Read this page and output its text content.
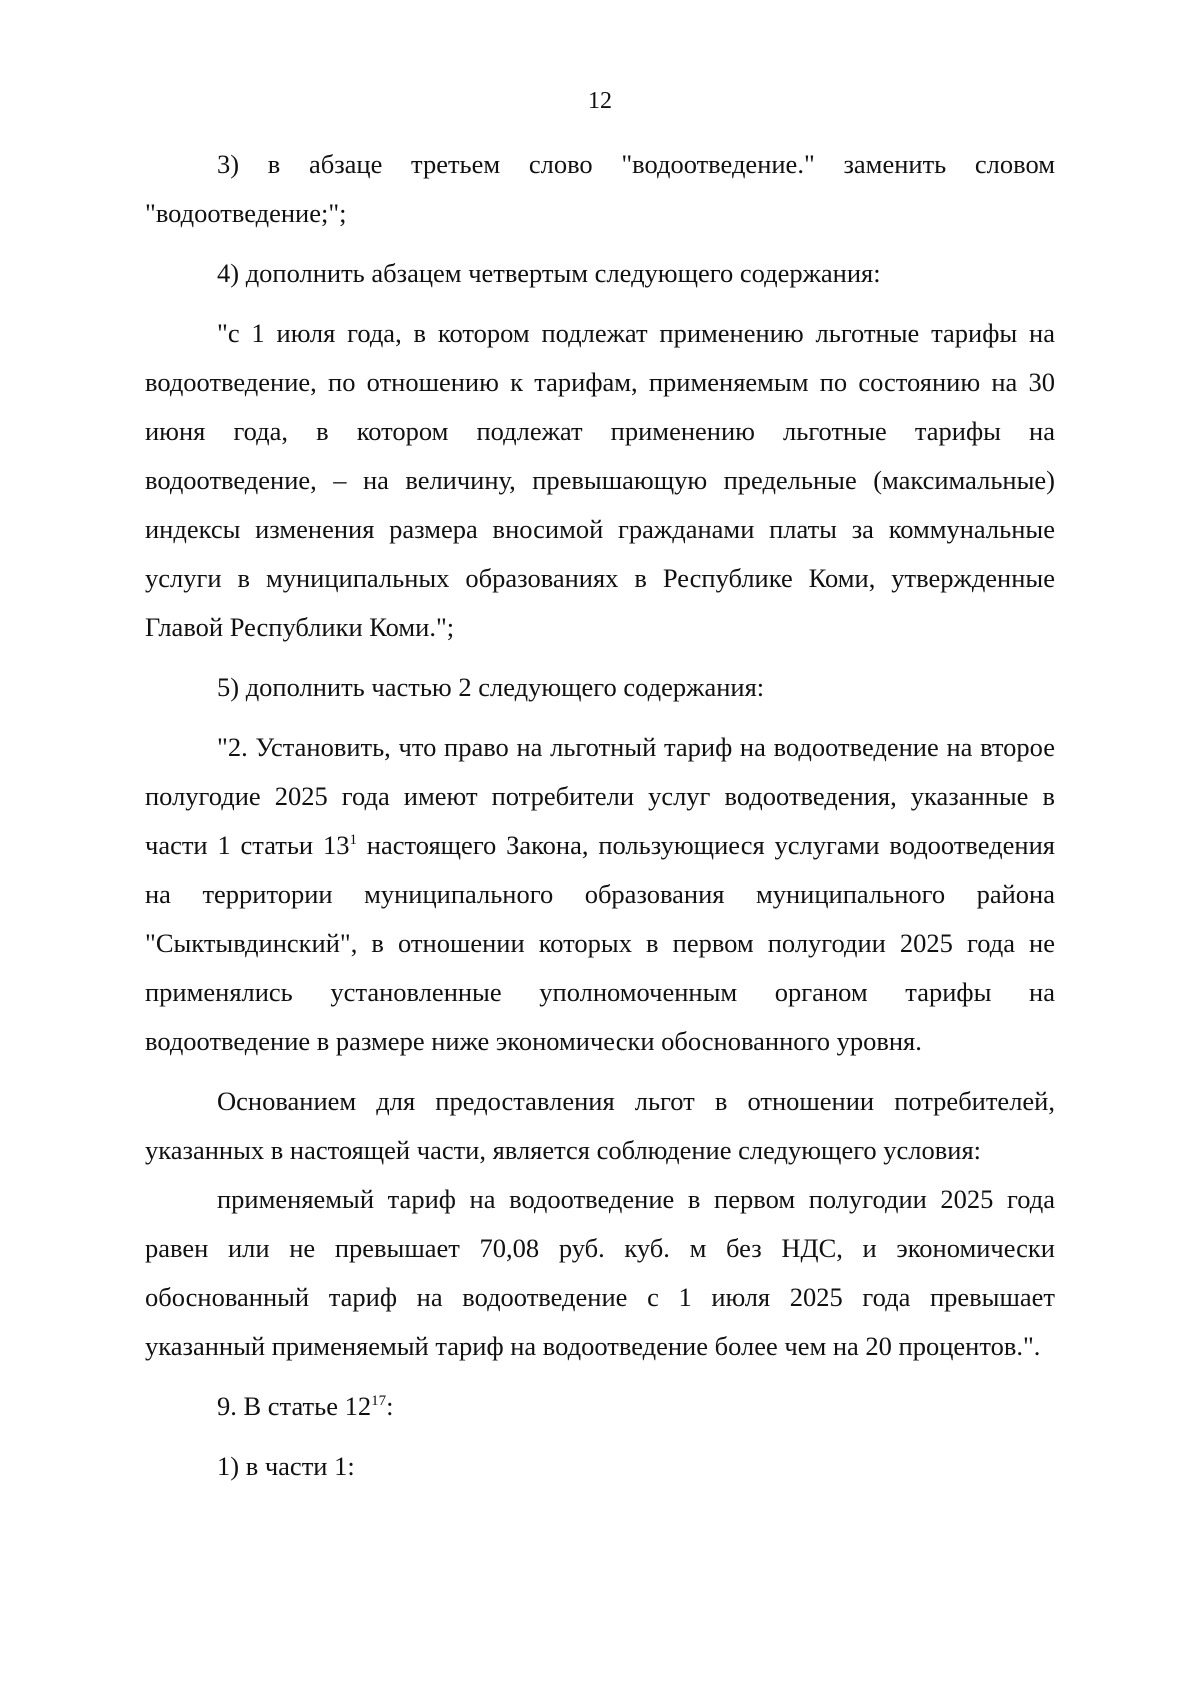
12

3) в абзаце третьем слово "водоотведение." заменить словом "водоотведение;";

4) дополнить абзацем четвертым следующего содержания:

"с 1 июля года, в котором подлежат применению льготные тарифы на водоотведение, по отношению к тарифам, применяемым по состоянию на 30 июня года, в котором подлежат применению льготные тарифы на водоотведение, – на величину, превышающую предельные (максимальные) индексы изменения размера вносимой гражданами платы за коммунальные услуги в муниципальных образованиях в Республике Коми, утвержденные Главой Республики Коми.";

5) дополнить частью 2 следующего содержания:

"2. Установить, что право на льготный тариф на водоотведение на второе полугодие 2025 года имеют потребители услуг водоотведения, указанные в части 1 статьи $13^1$ настоящего Закона, пользующиеся услугами водоотведения на территории муниципального образования муниципального района "Сыктывдинский", в отношении которых в первом полугодии 2025 года не применялись установленные уполномоченным органом тарифы на водоотведение в размере ниже экономически обоснованного уровня.

Основанием для предоставления льгот в отношении потребителей, указанных в настоящей части, является соблюдение следующего условия:

применяемый тариф на водоотведение в первом полугодии 2025 года равен или не превышает 70,08 руб. куб. м без НДС, и экономически обоснованный тариф на водоотведение с 1 июля 2025 года превышает указанный применяемый тариф на водоотведение более чем на 20 процентов.".

9. В статье $12^{17}$:

1) в части 1:
